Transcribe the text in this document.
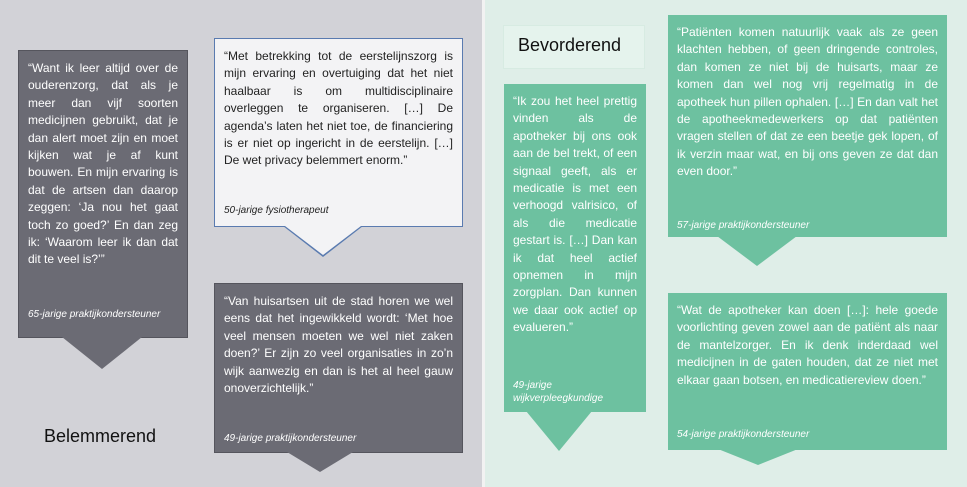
Belemmerend
Bevorderend

“Want ik leer altijd over de ouderenzorg, dat als je meer dan vijf soorten medicijnen gebruikt, dat je dan alert moet zijn en moet kijken wat je af kunt bouwen. En mijn ervaring is dat de artsen dan daarop zeggen: ‘Ja nou het gaat toch zo goed?’ En dan zeg ik: ‘Waarom leer ik dan dat dit te veel is?’”

65-jarige praktijkondersteuner

“Met betrekking tot de eerstelijnszorg is mijn ervaring en overtuiging dat het niet haalbaar is om multidisciplinaire overleggen te organiseren. […] De agenda’s laten het niet toe, de financiering is er niet op ingericht in de eerstelijn. […] De wet privacy belemmert enorm.”

50-jarige fysiotherapeut

“Van huisartsen uit de stad horen we wel eens dat het ingewikkeld wordt: ‘Met hoe veel mensen moeten we wel niet zaken doen?’ Er zijn zo veel organisaties in zo’n wijk aanwezig en dan is het al heel gauw onoverzichtelijk.”

49-jarige praktijkondersteuner

“Ik zou het heel prettig vinden als de apotheker bij ons ook aan de bel trekt, of een signaal geeft, als er medicatie is met een verhoogd valrisico, of als die medicatie gestart is. […] Dan kan ik dat heel actief opnemen in mijn zorgplan. Dan kunnen we daar ook actief op evalueren.”

49-jarige wijkverpleegkundige

“Patiënten komen natuurlijk vaak als ze geen klachten hebben, of geen dringende controles, dan komen ze niet bij de huisarts, maar ze komen dan wel nog vrij regelmatig in de apotheek hun pillen ophalen. […] En dan valt het de apotheekmedewerkers op dat patiënten vragen stellen of dat ze een beetje gek lopen, of ik verzin maar wat, en bij ons geven ze dat dan even door.”

57-jarige praktijkondersteuner

“Wat de apotheker kan doen […]: hele goede voorlichting geven zowel aan de patiënt als naar de mantelzorger. En ik denk inderdaad wel medicijnen in de gaten houden, dat ze niet met elkaar gaan botsen, en medicatiereview doen.”

54-jarige praktijkondersteuner
